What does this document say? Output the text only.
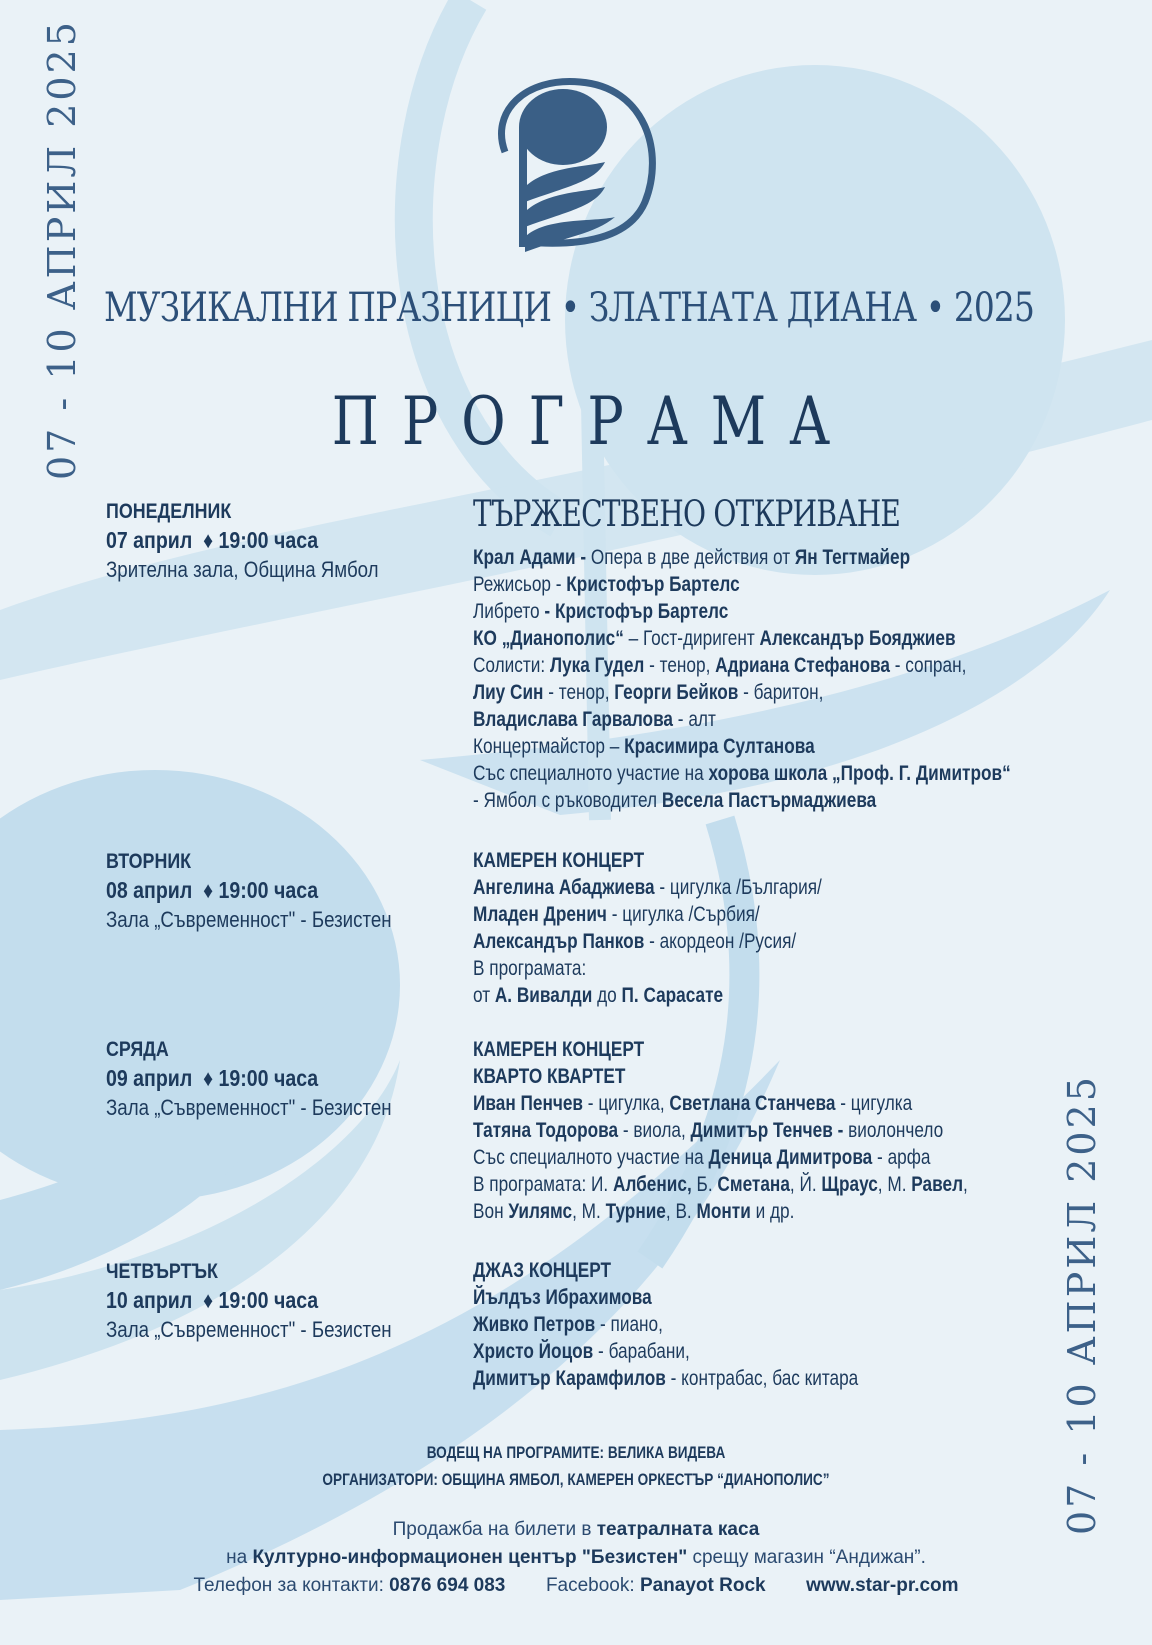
07 - 10 АПРИЛ 2025
07 - 10 АПРИЛ 2025
МУЗИКАЛНИ ПРАЗНИЦИ • ЗЛАТНАТА ДИАНА • 2025
ПРОГРАМА
ПОНЕДЕЛНИК
07 април ♦ 19:00 часа
Зрителна зала, Община Ямбол
ВТОРНИК
08 април ♦ 19:00 часа
Зала „Съвременност" - Безистен
СРЯДА
09 април ♦ 19:00 часа
Зала „Съвременност" - Безистен
ЧЕТВЪРТЪК
10 април ♦ 19:00 часа
Зала „Съвременност" - Безистен
ТЪРЖЕСТВЕНО ОТКРИВАНЕ
Крал Адами - Опера в две действия от Ян Тегтмайер
Режисьор - Кристофър Бартелс
Либрето - Кристофър Бартелс
КО „Дианополис“ – Гост-диригент Александър Бояджиев
Солисти: Лука Гудел - тенор, Адриана Стефанова - сопран,
Лиу Син - тенор, Георги Бейков - баритон,
Владислава Гарвалова - алт
Концертмайстор – Красимира Султанова
Със специалното участие на хорова школа „Проф. Г. Димитров“
- Ямбол с ръководител Весела Пастърмаджиева
КАМЕРЕН КОНЦЕРТ
Ангелина Абаджиева - цигулка /България/
Младен Дренич - цигулка /Сърбия/
Александър Панков - акордеон /Русия/
В програмата:
от А. Вивалди до П. Сарасате
КАМЕРЕН КОНЦЕРТ
КВАРТО КВАРТЕТ
Иван Пенчев - цигулка, Светлана Станчева - цигулка
Татяна Тодорова - виола, Димитър Тенчев - виолончело
Със специалното участие на Деница Димитрова - арфа
В програмата: И. Албенис, Б. Сметана, Й. Щраус, М. Равел,
Вон Уилямс, М. Турние, В. Монти и др.
ДЖАЗ КОНЦЕРТ
Йълдъз Ибрахимова
Живко Петров - пиано,
Христо Йоцов - барабани,
Димитър Карамфилов - контрабас, бас китара
ВОДЕЩ НА ПРОГРАМИТЕ: ВЕЛИКА ВИДЕВА
ОРГАНИЗАТОРИ: ОБЩИНА ЯМБОЛ, КАМЕРЕН ОРКЕСТЪР “ДИАНОПОЛИС”
Продажба на билети в театралната каса
на Културно-информационен център "Безистен" срещу магазин “Андижан”.
Телефон за контакти: 0876 694 083 Facebook: Panayot Rock www.star-pr.com
